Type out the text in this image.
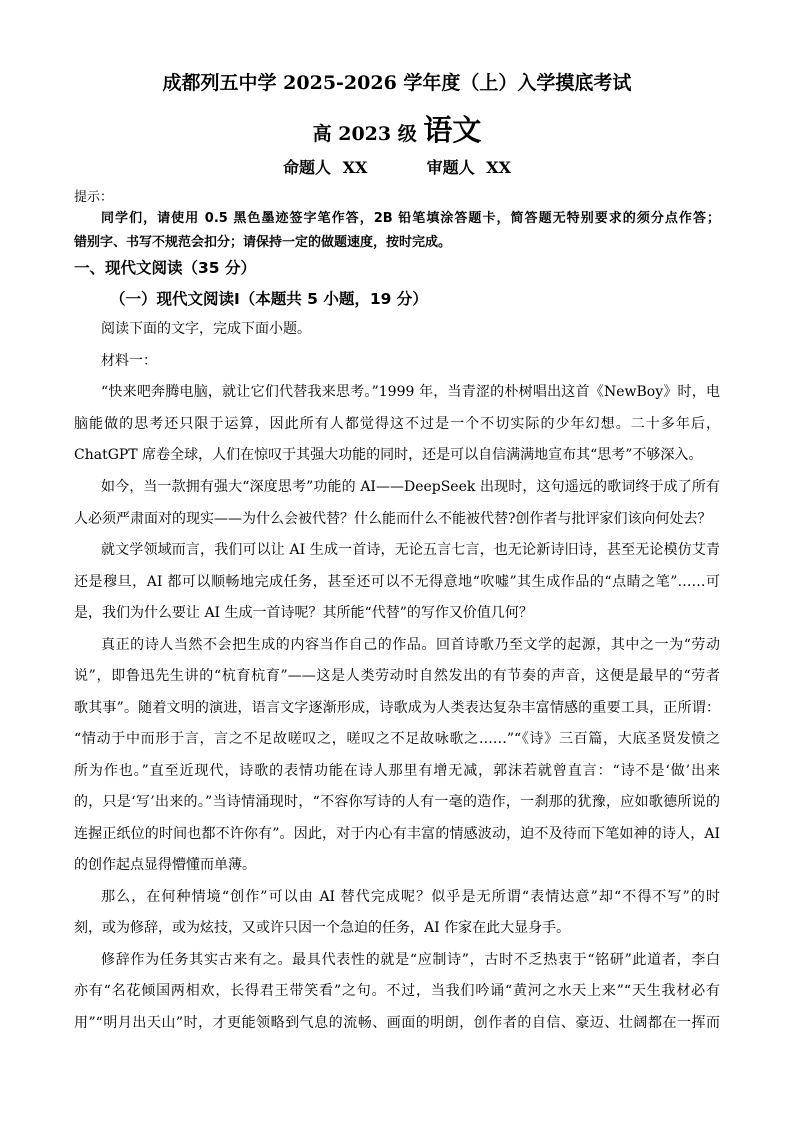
成都列五中学 2025-2026 学年度（上）入学摸底考试
高 2023 级 语文
命题人 XX	审题人 XX
提示：
同学们，请使用 0.5 黑色墨迹签字笔作答，2B 铅笔填涂答题卡，简答题无特别要求的须分点作答；
错别字、书写不规范会扣分；请保持一定的做题速度，按时完成。
一、现代文阅读（35 分）
（一）现代文阅读Ⅰ（本题共 5 小题，19 分）
阅读下面的文字，完成下面小题。
材料一：
“快来吧奔腾电脑，就让它们代替我来思考。”1999 年，当青涩的朴树唱出这首《NewBoy》时，电
脑能做的思考还只限于运算，因此所有人都觉得这不过是一个不切实际的少年幻想。二十多年后，
ChatGPT 席卷全球，人们在惊叹于其强大功能的同时，还是可以自信满满地宣布其“思考”不够深入。
如今，当一款拥有强大“深度思考”功能的 AI——DeepSeek 出现时，这句遥远的歌词终于成了所有
人必须严肃面对的现实——为什么会被代替？什么能而什么不能被代替?创作者与批评家们该向何处去？
就文学领域而言，我们可以让 AI 生成一首诗，无论五言七言，也无论新诗旧诗，甚至无论模仿艾青
还是穆旦，AI 都可以顺畅地完成任务，甚至还可以不无得意地“吹嘘”其生成作品的“点睛之笔”……可
是，我们为什么要让 AI 生成一首诗呢？其所能“代替”的写作又价值几何？
真正的诗人当然不会把生成的内容当作自己的作品。回首诗歌乃至文学的起源，其中之一为“劳动
说”，即鲁迅先生讲的“杭育杭育”——这是人类劳动时自然发出的有节奏的声音，这便是最早的“劳者
歌其事”。随着文明的演进，语言文字逐渐形成，诗歌成为人类表达复杂丰富情感的重要工具，正所谓：
“情动于中而形于言，言之不足故嗟叹之，嗟叹之不足故咏歌之……”“《诗》三百篇，大底圣贤发愤之
所为作也。”直至近现代，诗歌的表情功能在诗人那里有增无减，郭沫若就曾直言：“诗不是‘做’出来
的，只是‘写’出来的。”当诗情涌现时，“不容你写诗的人有一毫的造作，一刹那的犹豫，应如歌德所说的
连握正纸位的时间也都不许你有”。因此，对于内心有丰富的情感波动，迫不及待而下笔如神的诗人，AI
的创作起点显得懵懂而单薄。
那么，在何种情境“创作”可以由 AI 替代完成呢？似乎是无所谓“表情达意”却“不得不写”的时
刻，或为修辞，或为炫技，又或许只因一个急迫的任务，AI 作家在此大显身手。
修辞作为任务其实古来有之。最具代表性的就是“应制诗”，古时不乏热衷于“铭研”此道者，李白
亦有“名花倾国两相欢，长得君王带笑看”之句。不过，当我们吟诵“黄河之水天上来”“天生我材必有
用”“明月出天山”时，才更能领略到气息的流畅、画面的明朗，创作者的自信、豪迈、壮阔都在一挥而
